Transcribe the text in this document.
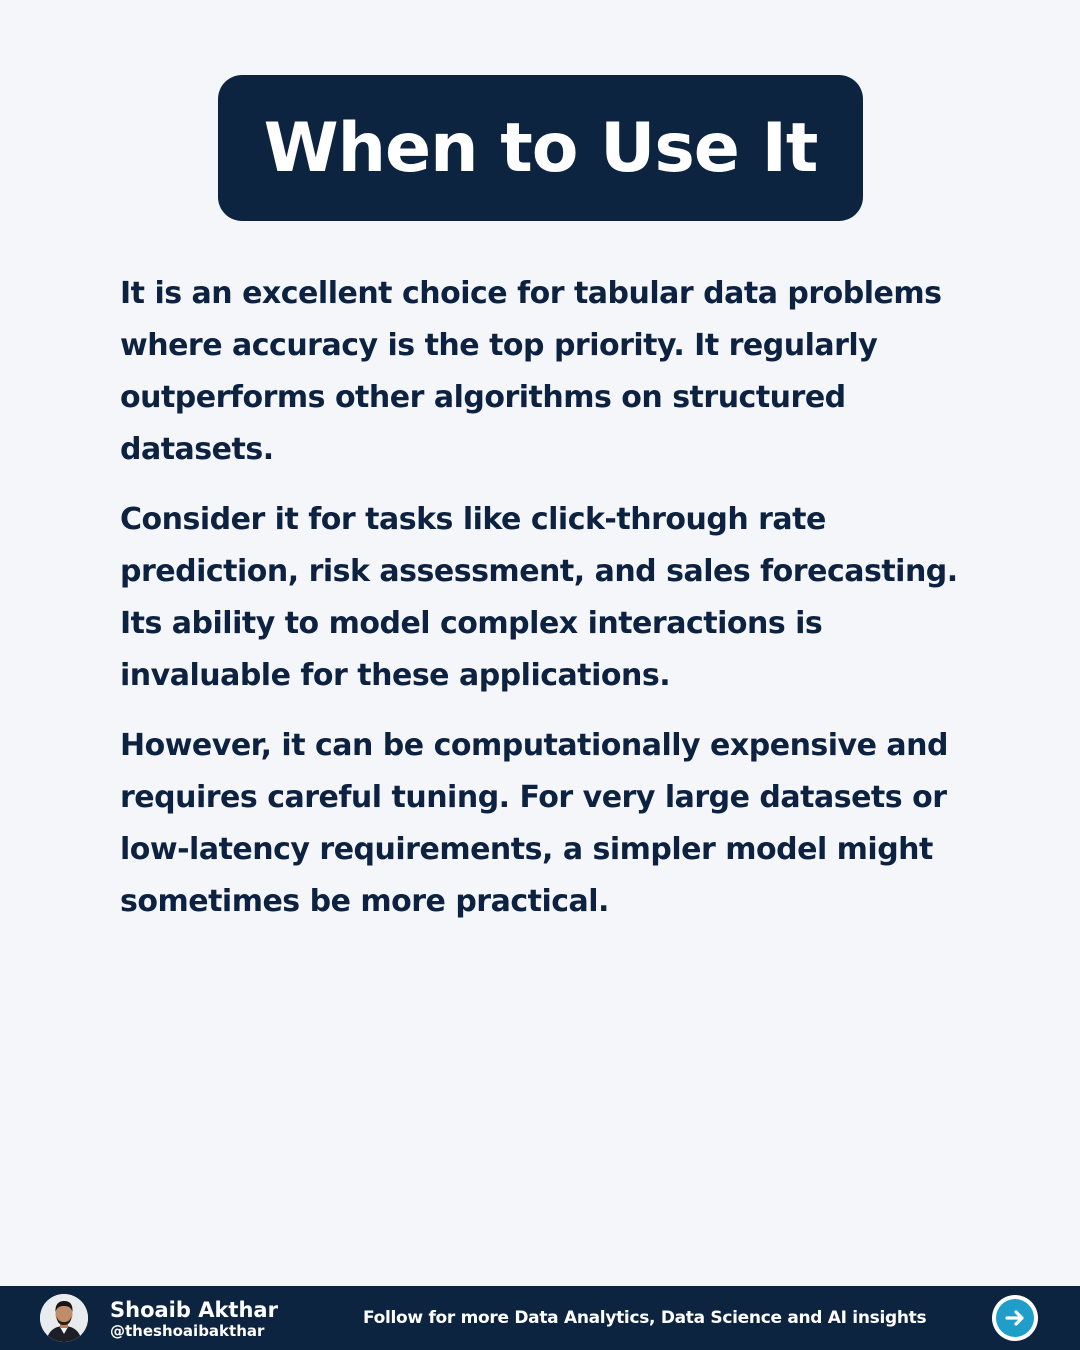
When to Use It

It is an excellent choice for tabular data problems where accuracy is the top priority. It regularly outperforms other algorithms on structured datasets.

Consider it for tasks like click-through rate prediction, risk assessment, and sales forecasting. Its ability to model complex interactions is invaluable for these applications.

However, it can be computationally expensive and requires careful tuning. For very large datasets or low-latency requirements, a simpler model might sometimes be more practical.

Shoaib Akthar
@theshoaibakthar
Follow for more Data Analytics, Data Science and AI insights
